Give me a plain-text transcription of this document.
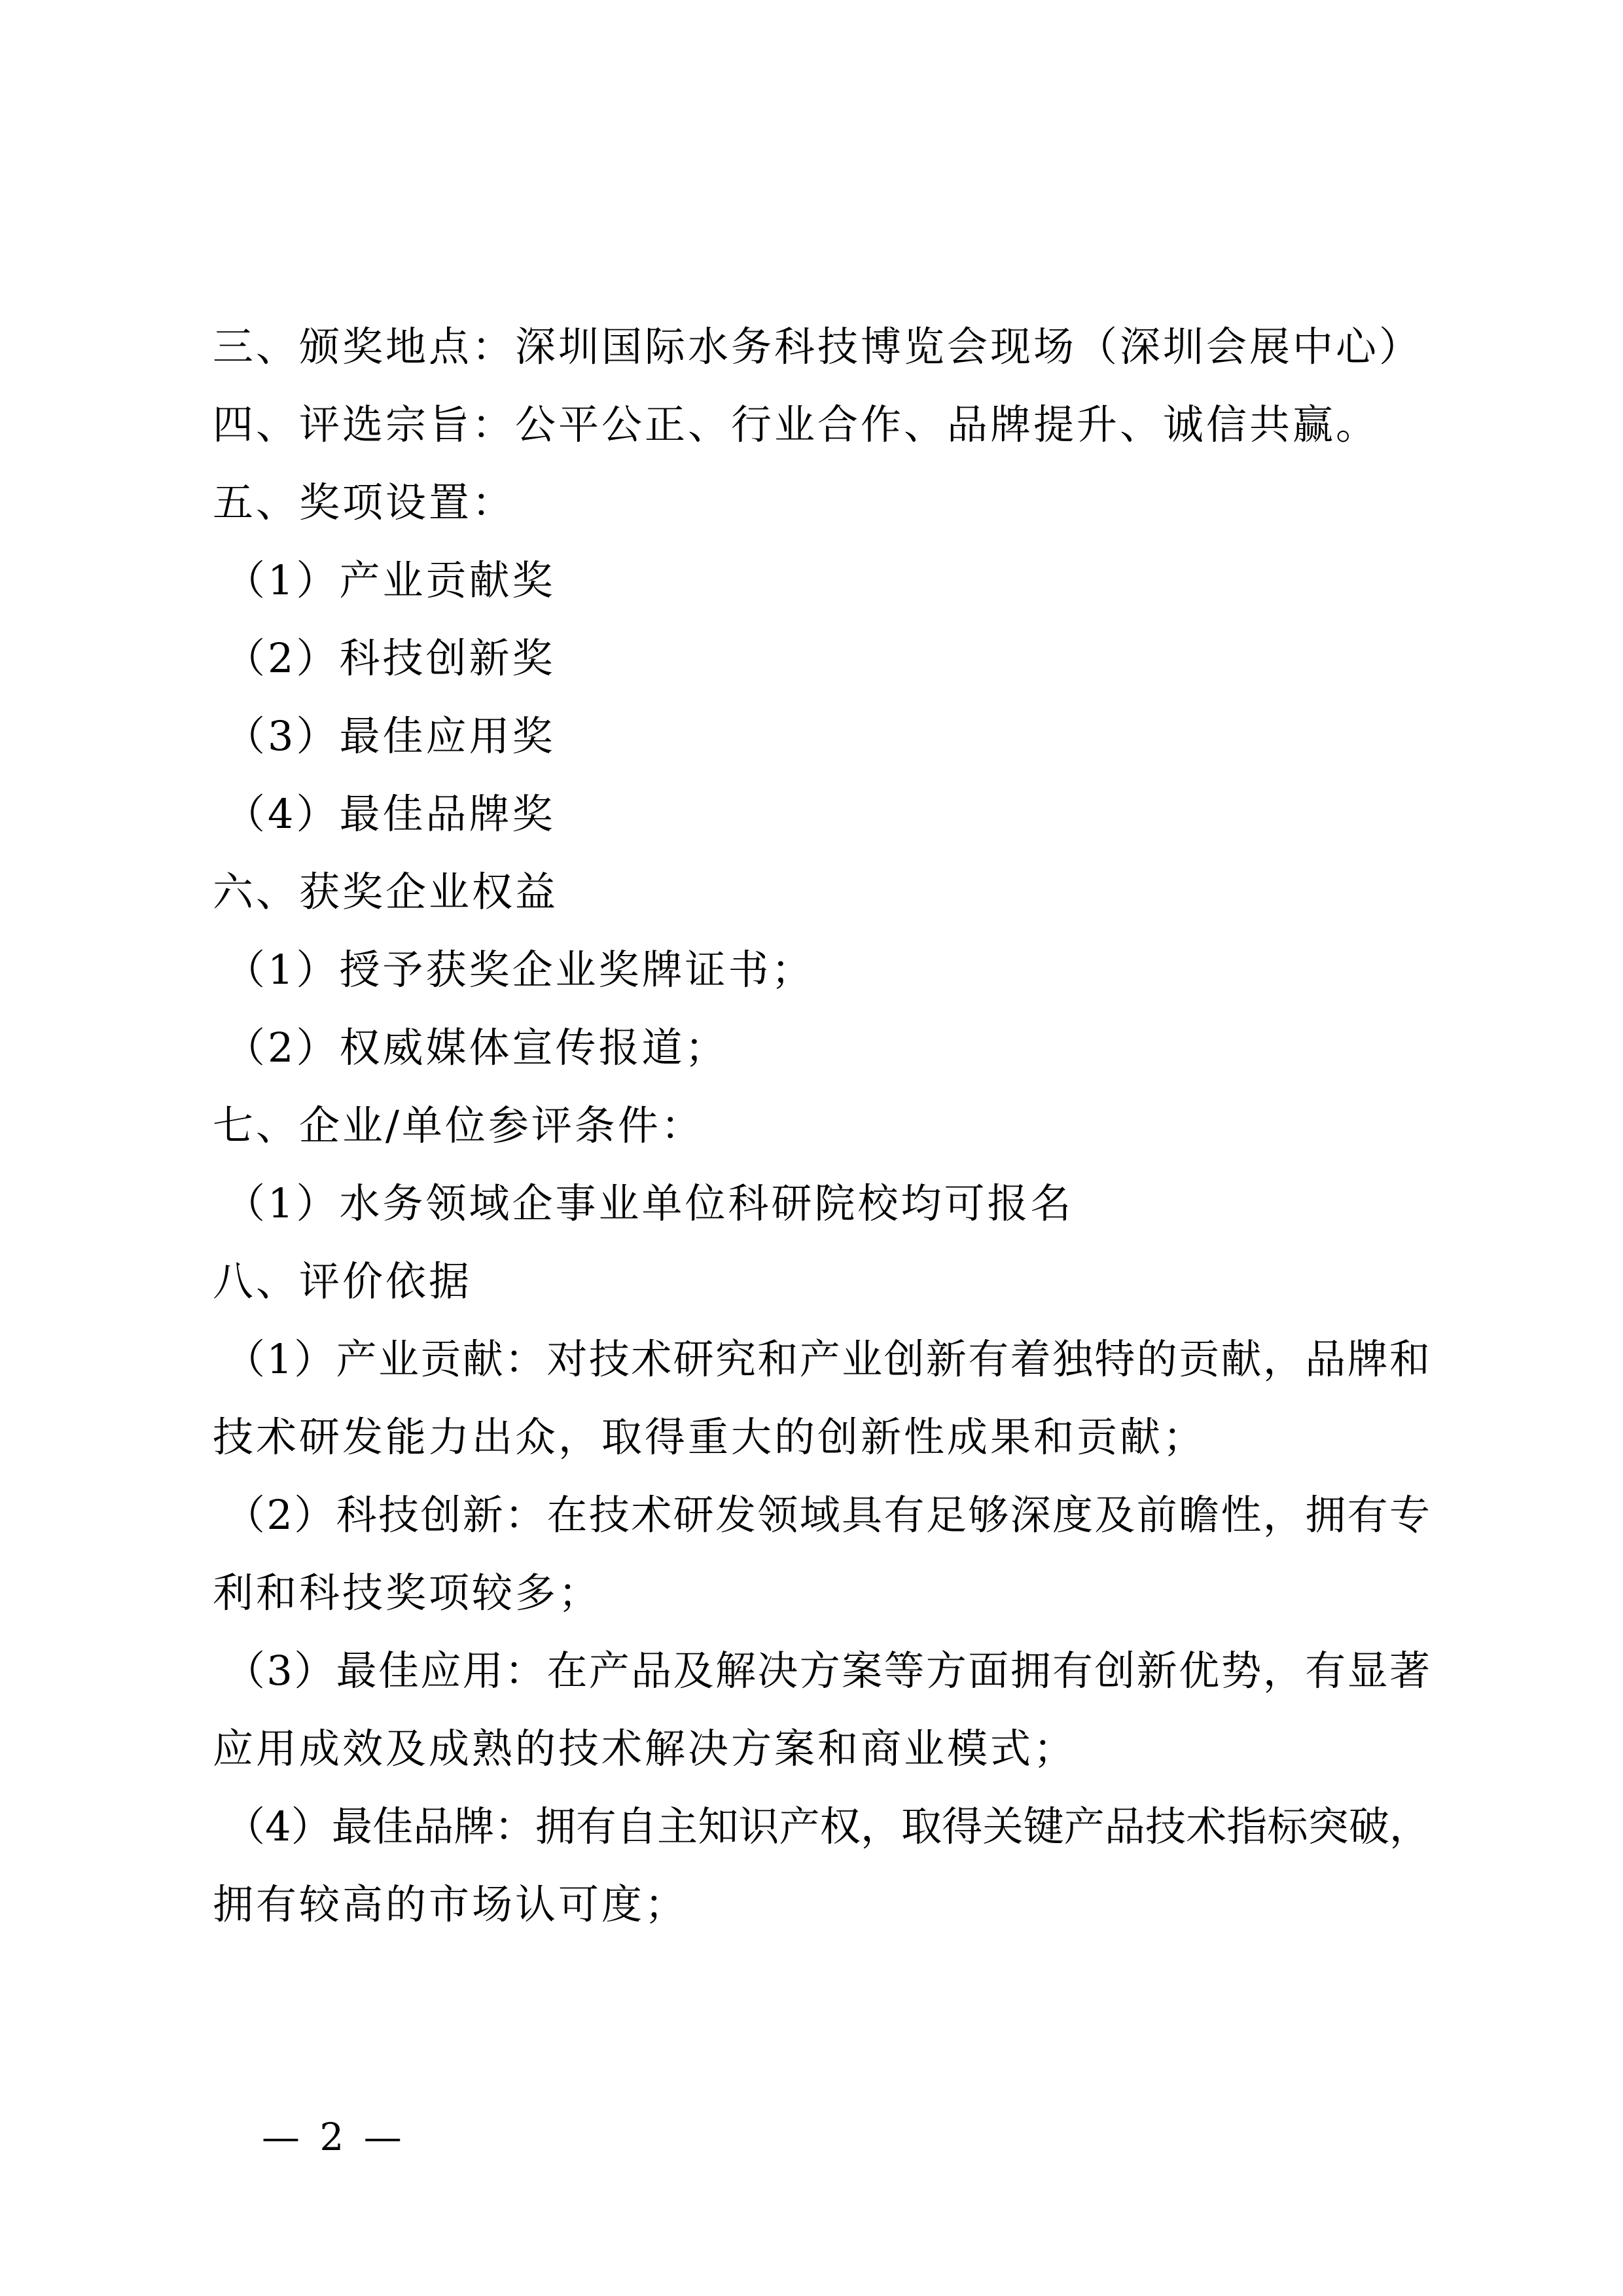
三、颁奖地点：深圳国际水务科技博览会现场（深圳会展中心）
四、评选宗旨：公平公正、行业合作、品牌提升、诚信共赢。
五、奖项设置：
（1）产业贡献奖
（2）科技创新奖
（3）最佳应用奖
（4）最佳品牌奖
六、获奖企业权益
（1）授予获奖企业奖牌证书；
（2）权威媒体宣传报道；
七、企业/单位参评条件：
（1）水务领域企事业单位科研院校均可报名
八、评价依据
（1）产业贡献：对技术研究和产业创新有着独特的贡献，品牌和
技术研发能力出众，取得重大的创新性成果和贡献；
（2）科技创新：在技术研发领域具有足够深度及前瞻性，拥有专
利和科技奖项较多；
（3）最佳应用：在产品及解决方案等方面拥有创新优势，有显著
应用成效及成熟的技术解决方案和商业模式；
（4）最佳品牌：拥有自主知识产权，取得关键产品技术指标突破，
拥有较高的市场认可度；
— 2 —
